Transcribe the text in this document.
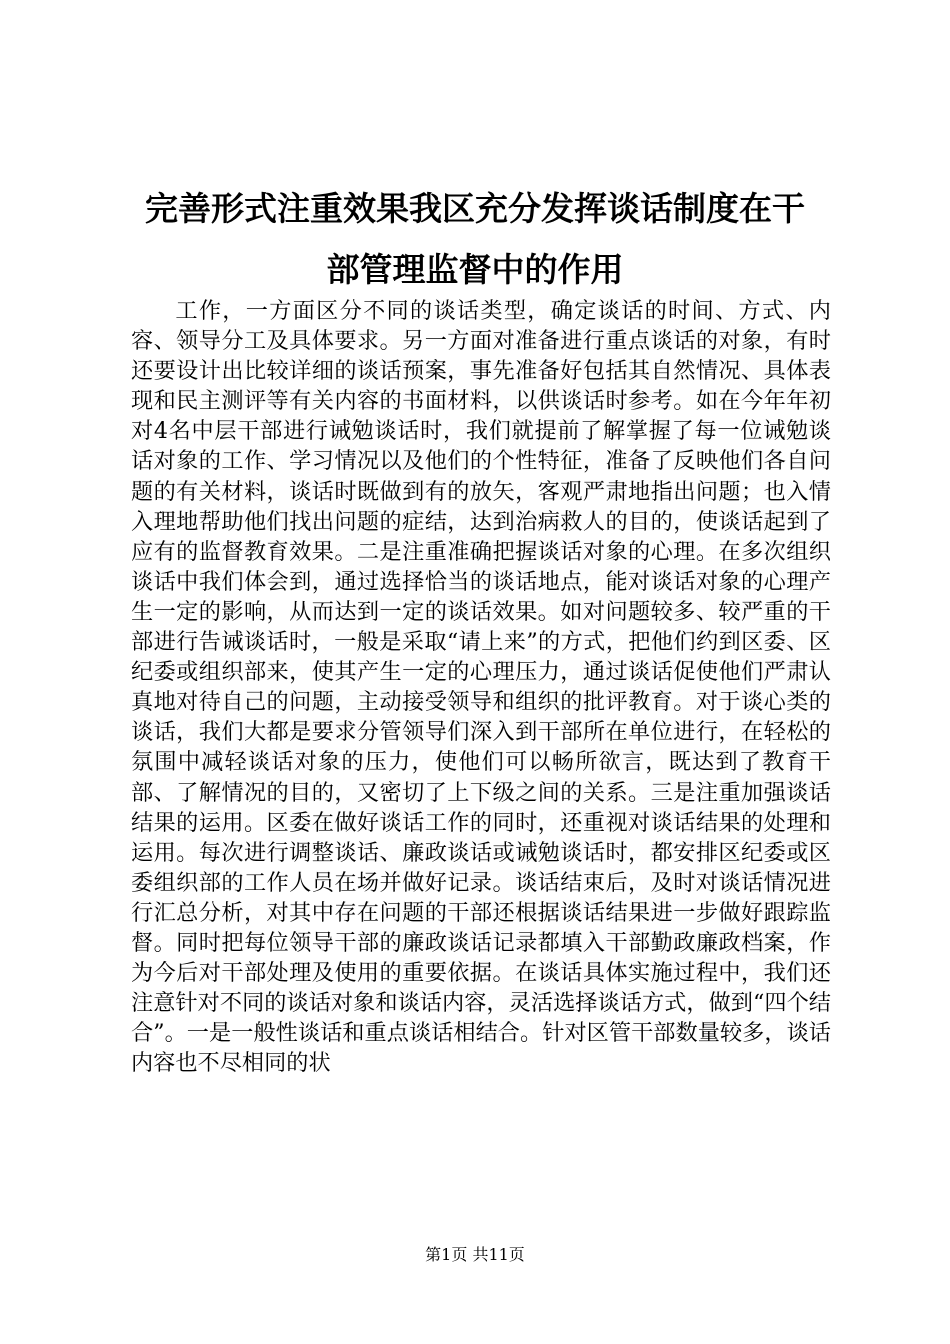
完善形式注重效果我区充分发挥谈话制度在干
部管理监督中的作用

工作，一方面区分不同的谈话类型，确定谈话的时间、方式、内容、领导分工及具体要求。另一方面对准备进行重点谈话的对象，有时还要设计出比较详细的谈话预案，事先准备好包括其自然情况、具体表现和民主测评等有关内容的书面材料，以供谈话时参考。如在今年年初对4名中层干部进行诫勉谈话时，我们就提前了解掌握了每一位诫勉谈话对象的工作、学习情况以及他们的个性特征，准备了反映他们各自问题的有关材料，谈话时既做到有的放矢，客观严肃地指出问题；也入情入理地帮助他们找出问题的症结，达到治病救人的目的，使谈话起到了应有的监督教育效果。二是注重准确把握谈话对象的心理。在多次组织谈话中我们体会到，通过选择恰当的谈话地点，能对谈话对象的心理产生一定的影响，从而达到一定的谈话效果。如对问题较多、较严重的干部进行告诫谈话时，一般是采取“请上来”的方式，把他们约到区委、区纪委或组织部来，使其产生一定的心理压力，通过谈话促使他们严肃认真地对待自己的问题，主动接受领导和组织的批评教育。对于谈心类的谈话，我们大都是要求分管领导们深入到干部所在单位进行，在轻松的氛围中减轻谈话对象的压力，使他们可以畅所欲言，既达到了教育干部、了解情况的目的，又密切了上下级之间的关系。三是注重加强谈话结果的运用。区委在做好谈话工作的同时，还重视对谈话结果的处理和运用。每次进行调整谈话、廉政谈话或诫勉谈话时，都安排区纪委或区委组织部的工作人员在场并做好记录。谈话结束后，及时对谈话情况进行汇总分析，对其中存在问题的干部还根据谈话结果进一步做好跟踪监督。同时把每位领导干部的廉政谈话记录都填入干部勤政廉政档案，作为今后对干部处理及使用的重要依据。在谈话具体实施过程中，我们还注意针对不同的谈话对象和谈话内容，灵活选择谈话方式，做到“四个结合”。一是一般性谈话和重点谈话相结合。针对区管干部数量较多，谈话内容也不尽相同的状

第1页 共11页
